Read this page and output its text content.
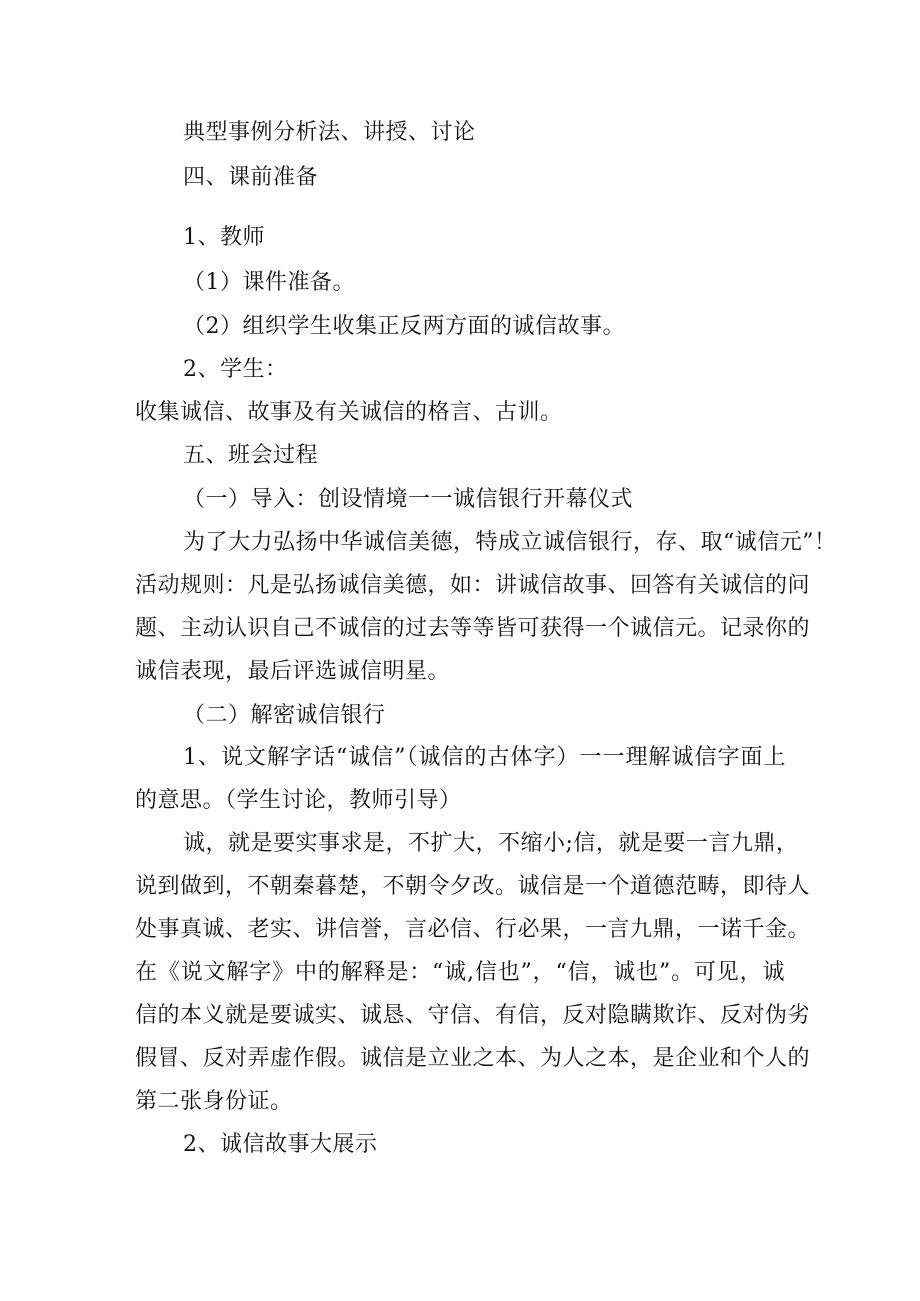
典型事例分析法、讲授、讨论
四、课前准备
1、教师
（1）课件准备。
（2）组织学生收集正反两方面的诚信故事。
2、学生：
收集诚信、故事及有关诚信的格言、古训。
五、班会过程
（一）导入：创设情境一一诚信银行开幕仪式
为了大力弘扬中华诚信美德，特成立诚信银行，存、取“诚信元”！
活动规则：凡是弘扬诚信美德，如：讲诚信故事、回答有关诚信的问
题、主动认识自己不诚信的过去等等皆可获得一个诚信元。记录你的
诚信表现，最后评选诚信明星。
（二）解密诚信银行
1、说文解字话“诚信”（诚信的古体字）一一理解诚信字面上
的意思。（学生讨论，教师引导）
诚，就是要实事求是，不扩大，不缩小;信，就是要一言九鼎，
说到做到，不朝秦暮楚，不朝令夕改。诚信是一个道德范畴，即待人
处事真诚、老实、讲信誉，言必信、行必果，一言九鼎，一诺千金。
在《说文解字》中的解释是：“诚,信也”，“信，诚也”。可见，诚
信的本义就是要诚实、诚恳、守信、有信，反对隐瞒欺诈、反对伪劣
假冒、反对弄虚作假。诚信是立业之本、为人之本，是企业和个人的
第二张身份证。
2、诚信故事大展示
